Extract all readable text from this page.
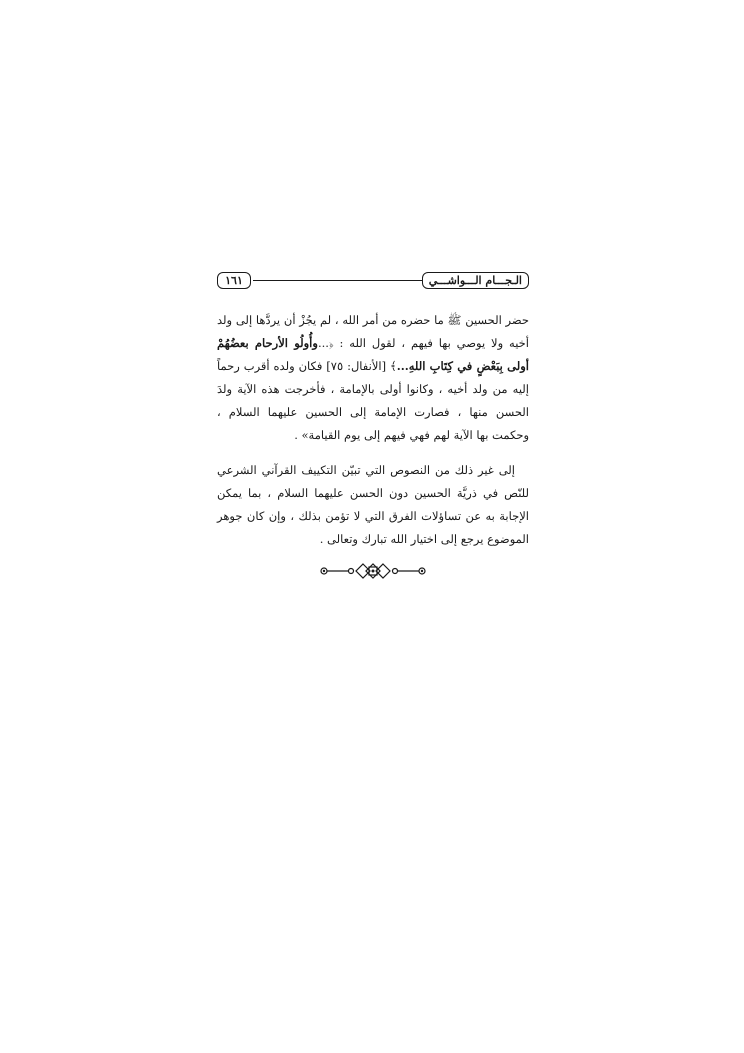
١٦١	الـجـــام الـــواشـــي

حضر الحسين ﷺ ما حضره من أمر الله ، لم يجُزْ أن يردَّها إلى ولد أخيه ولا يوصي بها فيهم ، لقول الله : ﴿...وأُولُو الأرحام بعضُهُمْ أولى بِبَعْضٍ في كِتَابِ اللهِ...﴾ [الأنفال: ٧٥] فكان ولده أقرب رحماً إليه من ولد أخيه ، وكانوا أولى بالإمامة ، فأخرجت هذه الآية ولدَ الحسن منها ، فصارت الإمامة إلى الحسين عليهما السلام ، وحكمت بها الآية لهم فهي فيهم إلى يوم القيامة» .

إلى غير ذلك من النصوص التي تبيّن التكييف القرآني الشرعي للنّص في ذريَّة الحسين دون الحسن عليهما السلام ، بما يمكن الإجابة به عن تساؤلات الفرق التي لا تؤمن بذلك ، وإن كان جوهر الموضوع يرجع إلى اختيار الله تبارك وتعالى .
